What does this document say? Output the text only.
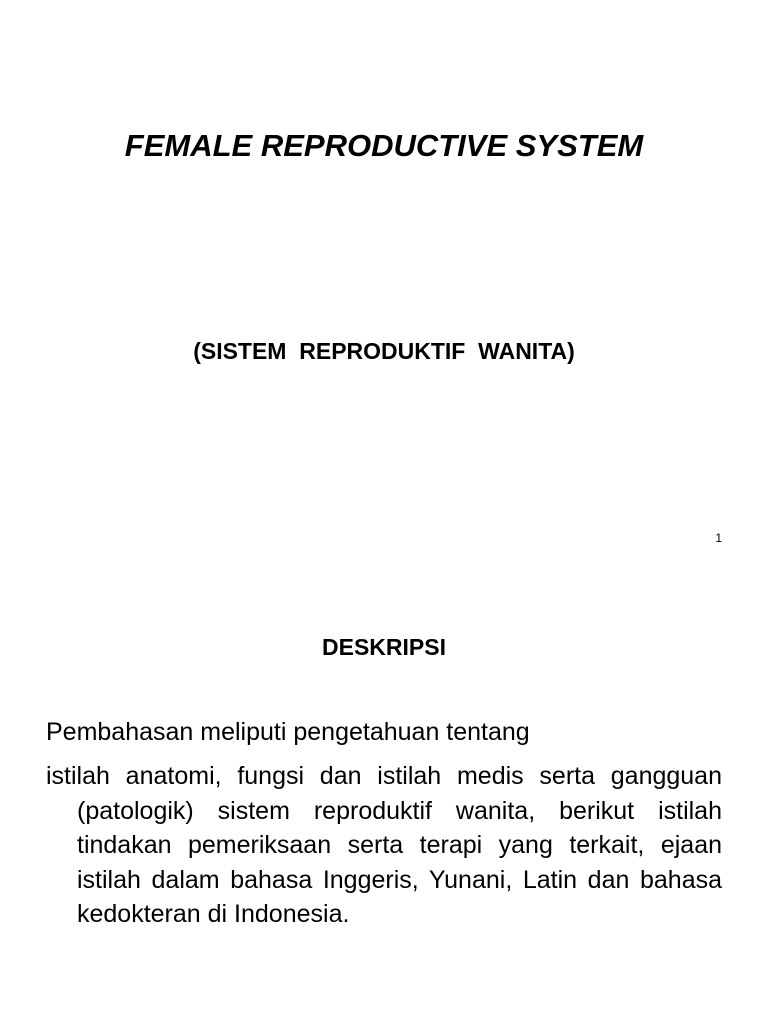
FEMALE REPRODUCTIVE SYSTEM
(SISTEM  REPRODUKTIF  WANITA)
1
DESKRIPSI
Pembahasan meliputi pengetahuan tentang
istilah anatomi, fungsi dan istilah medis serta gangguan (patologik) sistem reproduktif wanita, berikut istilah tindakan pemeriksaan serta terapi yang terkait, ejaan istilah dalam bahasa Inggeris, Yunani, Latin dan bahasa kedokteran di Indonesia.
